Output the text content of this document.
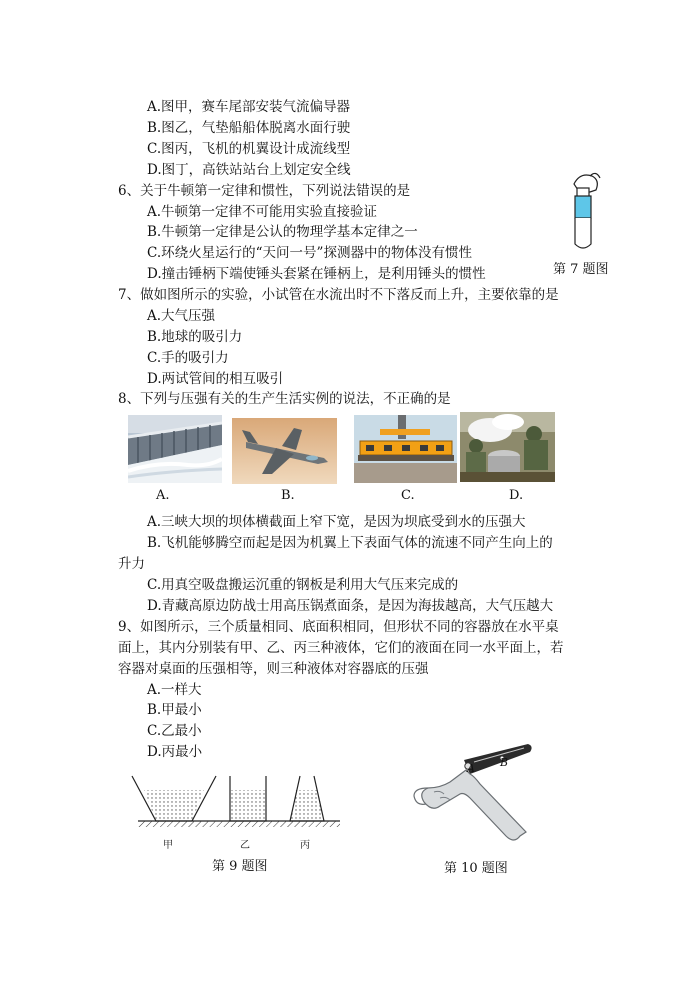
A.图甲，赛车尾部安装气流偏导器
B.图乙，气垫船船体脱离水面行驶
C.图丙，飞机的机翼设计成流线型
D.图丁，高铁站站台上划定安全线
6、关于牛顿第一定律和惯性，下列说法错误的是
A.牛顿第一定律不可能用实验直接验证
B.牛顿第一定律是公认的物理学基本定律之一
C.环绕火星运行的“天问一号”探测器中的物体没有惯性
D.撞击锤柄下端使锤头套紧在锤柄上，是利用锤头的惯性	第 7 题图
7、做如图所示的实验，小试管在水流出时不下落反而上升，主要依靠的是
A.大气压强
B.地球的吸引力
C.手的吸引力
D.两试管间的相互吸引
8、下列与压强有关的生产生活实例的说法，不正确的是
A.	B.	C.	D.
A.三峡大坝的坝体横截面上窄下宽，是因为坝底受到水的压强大
B.飞机能够腾空而起是因为机翼上下表面气体的流速不同产生向上的
升力
C.用真空吸盘搬运沉重的钢板是利用大气压来完成的
D.青藏高原边防战士用高压锅煮面条，是因为海拔越高，大气压越大
9、如图所示，三个质量相同、底面积相同，但形状不同的容器放在水平桌
面上，其内分别装有甲、乙、丙三种液体，它们的液面在同一水平面上，若
容器对桌面的压强相等，则三种液体对容器底的压强
A.一样大
B.甲最小
C.乙最小
D.丙最小
甲	乙	丙
第 9 题图
A B
第 10 题图
